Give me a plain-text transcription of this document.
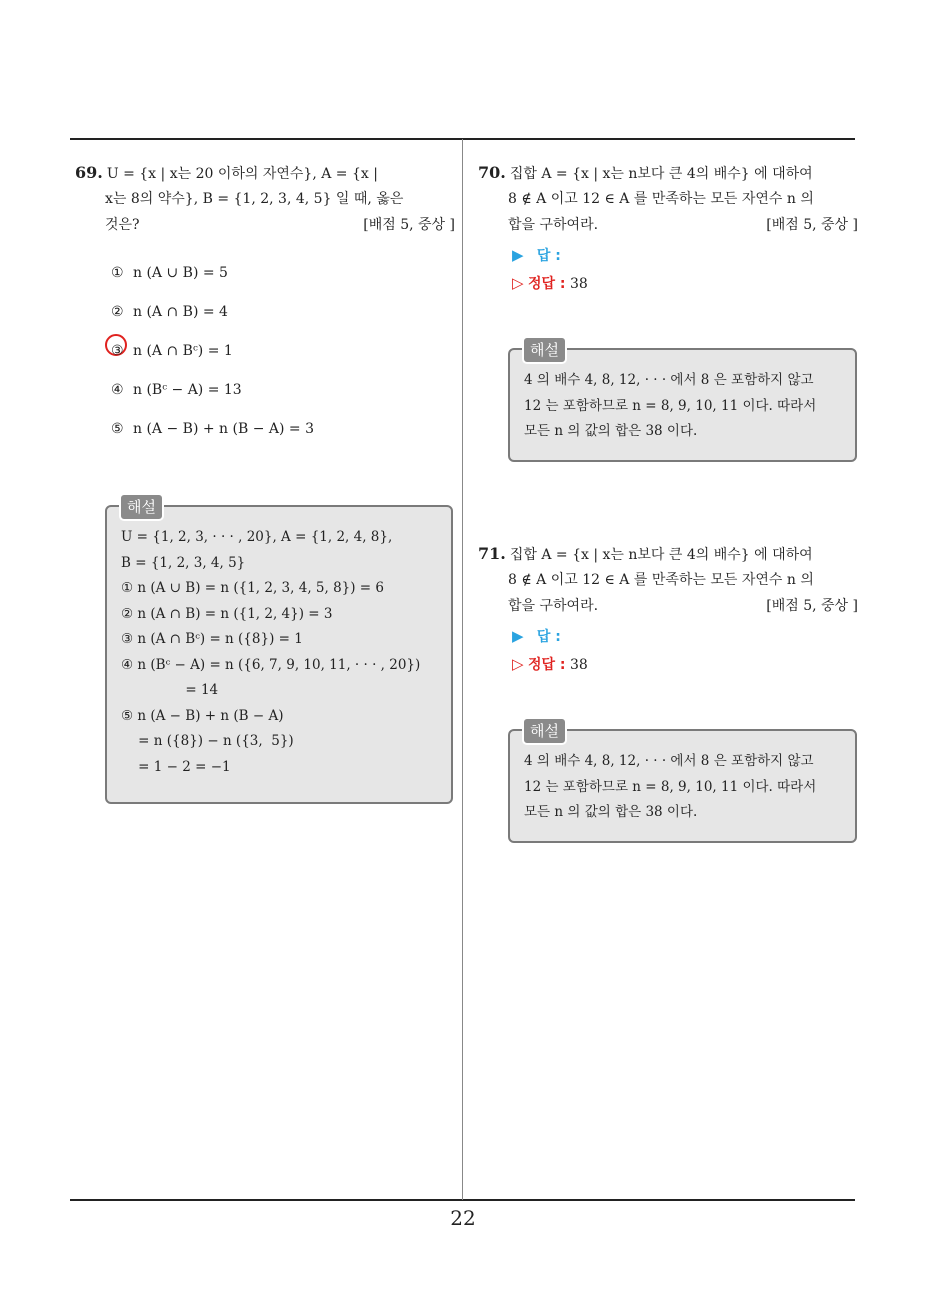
69. U = {x | x는 20 이하의 자연수}, A = {x |
x는 8의 약수}, B = {1, 2, 3, 4, 5} 일 때, 옳은
것은?	[배점 5, 중상 ]
① n (A ∪ B) = 5
② n (A ∩ B) = 4
③ n (A ∩ Bᶜ) = 1
④ n (Bᶜ − A) = 13
⑤ n (A − B) + n (B − A) = 3
해설
U = {1, 2, 3, · · · , 20}, A = {1, 2, 4, 8},
B = {1, 2, 3, 4, 5}
① n (A ∪ B) = n ({1, 2, 3, 4, 5, 8}) = 6
② n (A ∩ B) = n ({1, 2, 4}) = 3
③ n (A ∩ Bᶜ) = n ({8}) = 1
④ n (Bᶜ − A) = n ({6, 7, 9, 10, 11, · · · , 20})
= 14
⑤ n (A − B) + n (B − A)
= n ({8}) − n ({3,  5})
= 1 − 2 = −1
70. 집합 A = {x | x는 n보다 큰 4의 배수} 에 대하여
8 ∉ A 이고 12 ∈ A 를 만족하는 모든 자연수 n 의
합을 구하여라.	[배점 5, 중상 ]
▶ 답 :
▷ 정답 : 38
해설
4 의 배수 4, 8, 12, · · · 에서 8 은 포함하지 않고
12 는 포함하므로 n = 8, 9, 10, 11 이다. 따라서
모든 n 의 값의 합은 38 이다.
71. 집합 A = {x | x는 n보다 큰 4의 배수} 에 대하여
8 ∉ A 이고 12 ∈ A 를 만족하는 모든 자연수 n 의
합을 구하여라.	[배점 5, 중상 ]
▶ 답 :
▷ 정답 : 38
해설
4 의 배수 4, 8, 12, · · · 에서 8 은 포함하지 않고
12 는 포함하므로 n = 8, 9, 10, 11 이다. 따라서
모든 n 의 값의 합은 38 이다.
22
